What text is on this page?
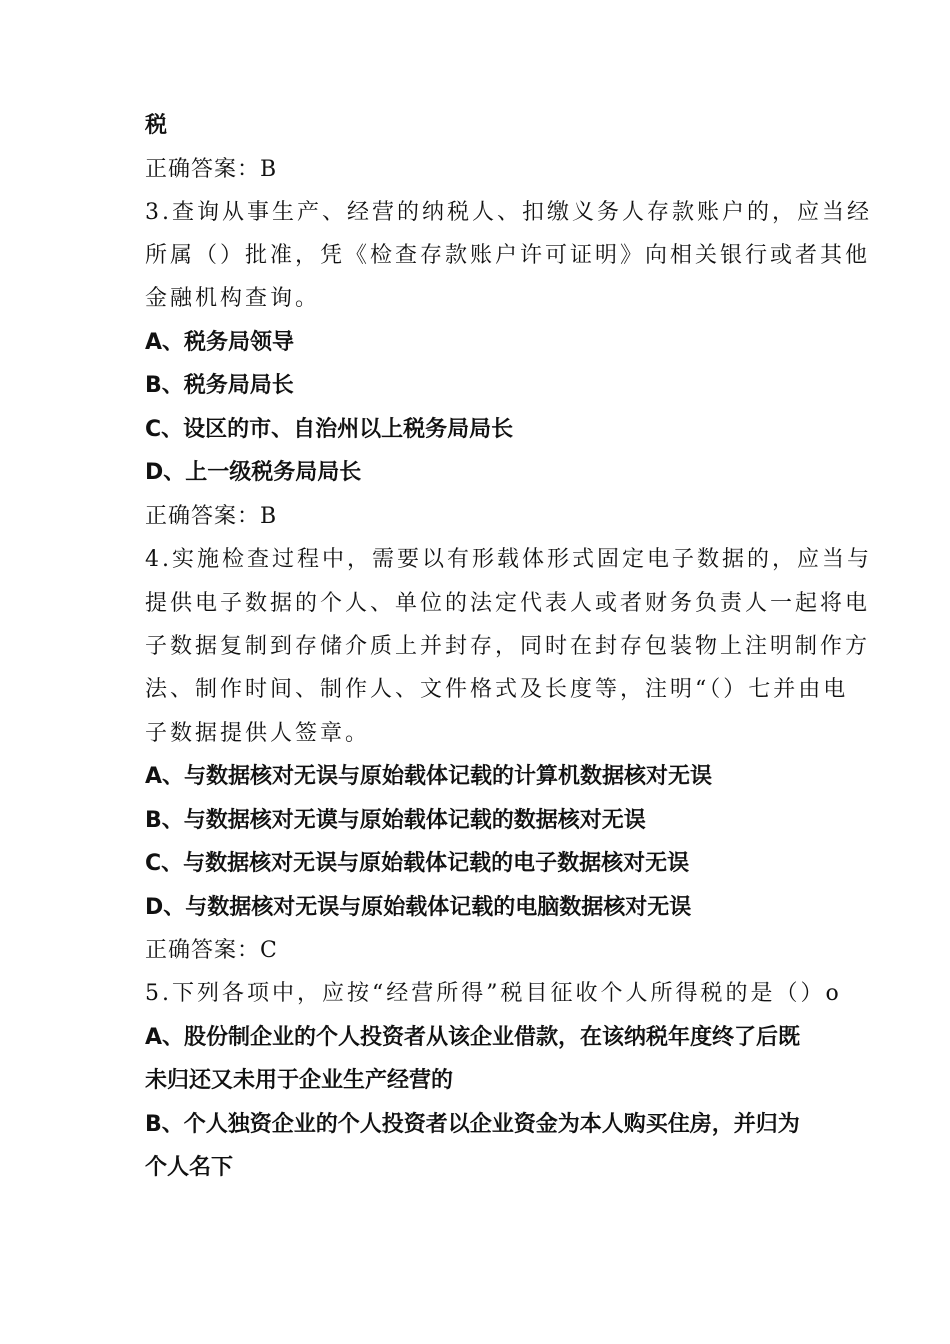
税
正确答案：B
3.查询从事生产、经营的纳税人、扣缴义务人存款账户的，应当经
所属（）批准，凭《检查存款账户许可证明》向相关银行或者其他
金融机构查询。
A、税务局领导
B、税务局局长
C、设区的市、自治州以上税务局局长
D、上一级税务局局长
正确答案：B
4.实施检查过程中，需要以有形载体形式固定电子数据的，应当与
提供电子数据的个人、单位的法定代表人或者财务负责人一起将电
子数据复制到存储介质上并封存，同时在封存包装物上注明制作方
法、制作时间、制作人、文件格式及长度等，注明“（）七并由电
子数据提供人签章。
A、与数据核对无误与原始载体记载的计算机数据核对无误
B、与数据核对无谟与原始载体记载的数据核对无误
C、与数据核对无误与原始载体记载的电子数据核对无误
D、与数据核对无误与原始载体记载的电脑数据核对无误
正确答案：C
5.下列各项中，应按“经营所得”税目征收个人所得税的是（）o
A、股份制企业的个人投资者从该企业借款，在该纳税年度终了后既
未归还又未用于企业生产经营的
B、个人独资企业的个人投资者以企业资金为本人购买住房，并归为
个人名下
